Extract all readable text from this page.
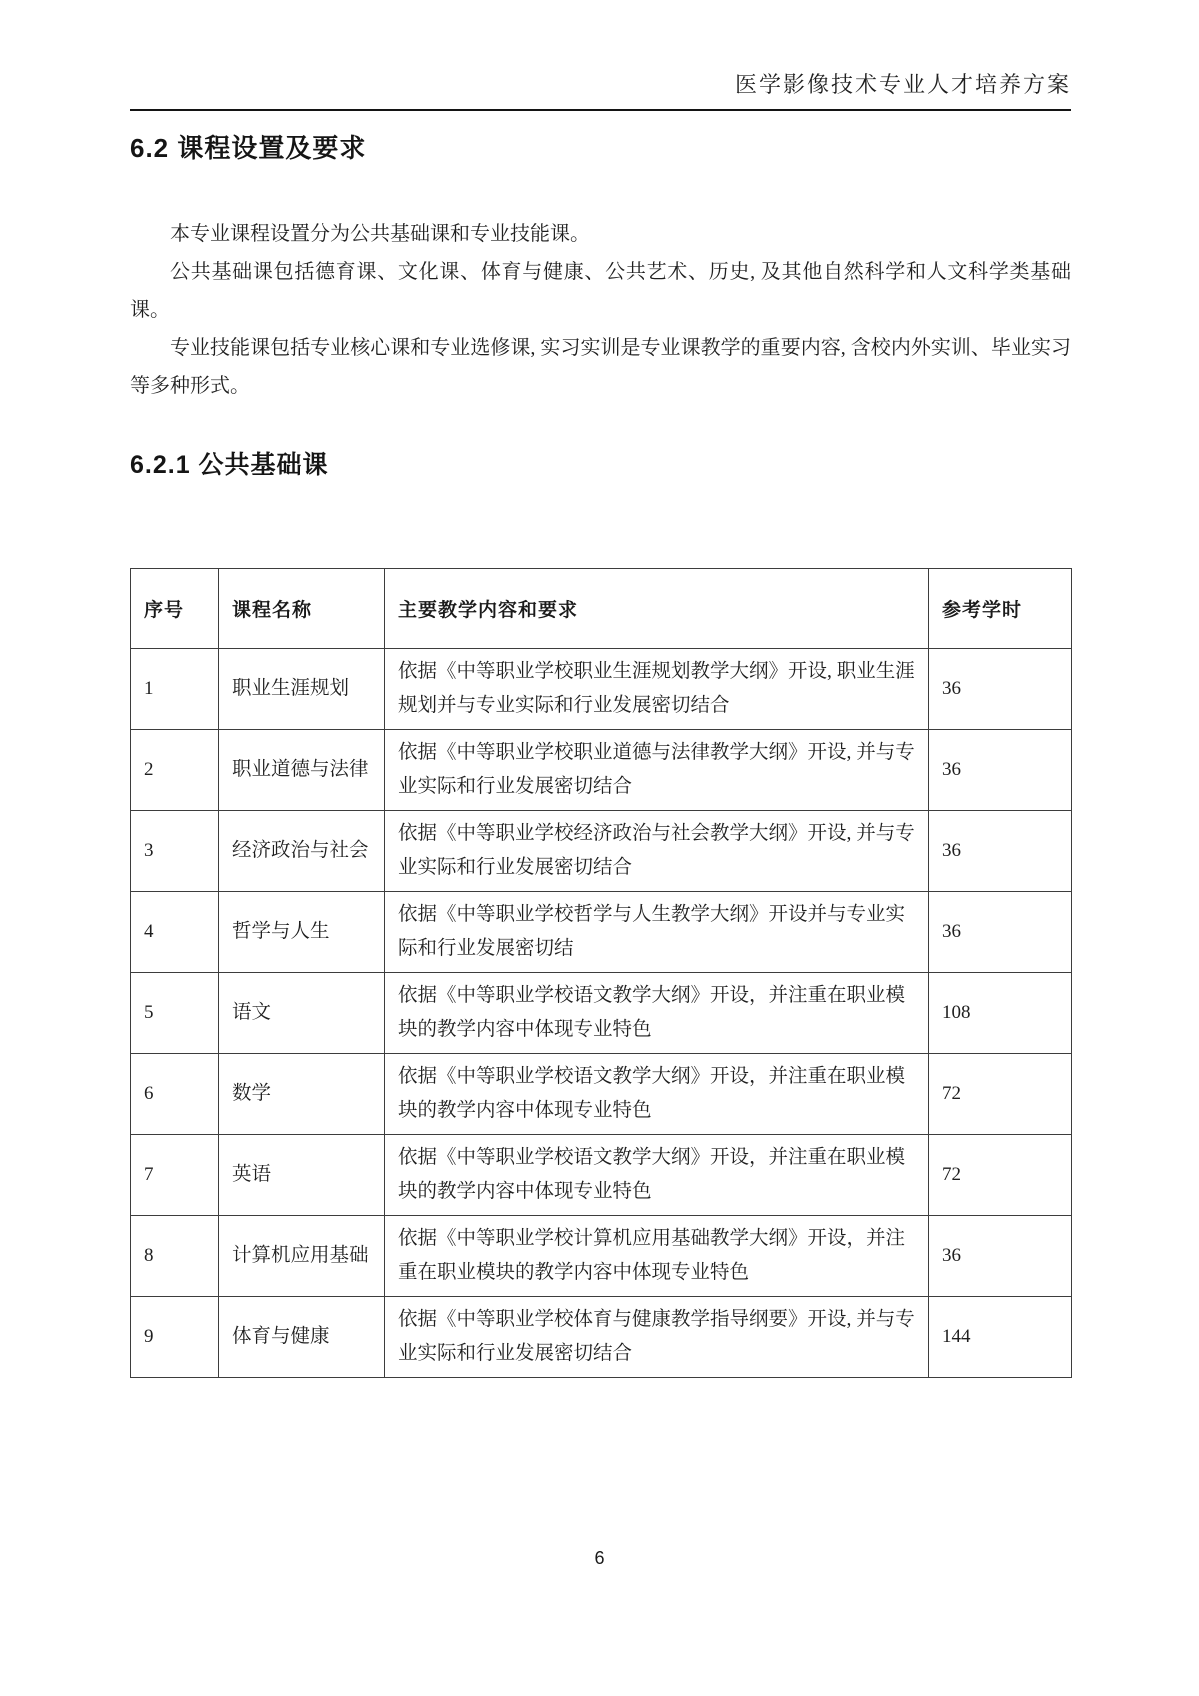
医学影像技术专业人才培养方案
6.2 课程设置及要求

本专业课程设置分为公共基础课和专业技能课。

公共基础课包括德育课、文化课、体育与健康、公共艺术、历史, 及其他自然科学和人文科学类基础课。

专业技能课包括专业核心课和专业选修课, 实习实训是专业课教学的重要内容, 含校内外实训、毕业实习等多种形式。

6.2.1 公共基础课
序号	课程名称	主要教学内容和要求	参考学时
1	职业生涯规划	依据《中等职业学校职业生涯规划教学大纲》开设, 职业生涯规划并与专业实际和行业发展密切结合	36
2	职业道德与法律	依据《中等职业学校职业道德与法律教学大纲》开设, 并与专业实际和行业发展密切结合	36
3	经济政治与社会	依据《中等职业学校经济政治与社会教学大纲》开设, 并与专业实际和行业发展密切结合	36
4	哲学与人生	依据《中等职业学校哲学与人生教学大纲》开设并与专业实际和行业发展密切结	36
5	语文	依据《中等职业学校语文教学大纲》开设，并注重在职业模块的教学内容中体现专业特色	108
6	数学	依据《中等职业学校语文教学大纲》开设，并注重在职业模块的教学内容中体现专业特色	72
7	英语	依据《中等职业学校语文教学大纲》开设，并注重在职业模块的教学内容中体现专业特色	72
8	计算机应用基础	依据《中等职业学校计算机应用基础教学大纲》开设，并注重在职业模块的教学内容中体现专业特色	36
9	体育与健康	依据《中等职业学校体育与健康教学指导纲要》开设, 并与专业实际和行业发展密切结合	144
6
